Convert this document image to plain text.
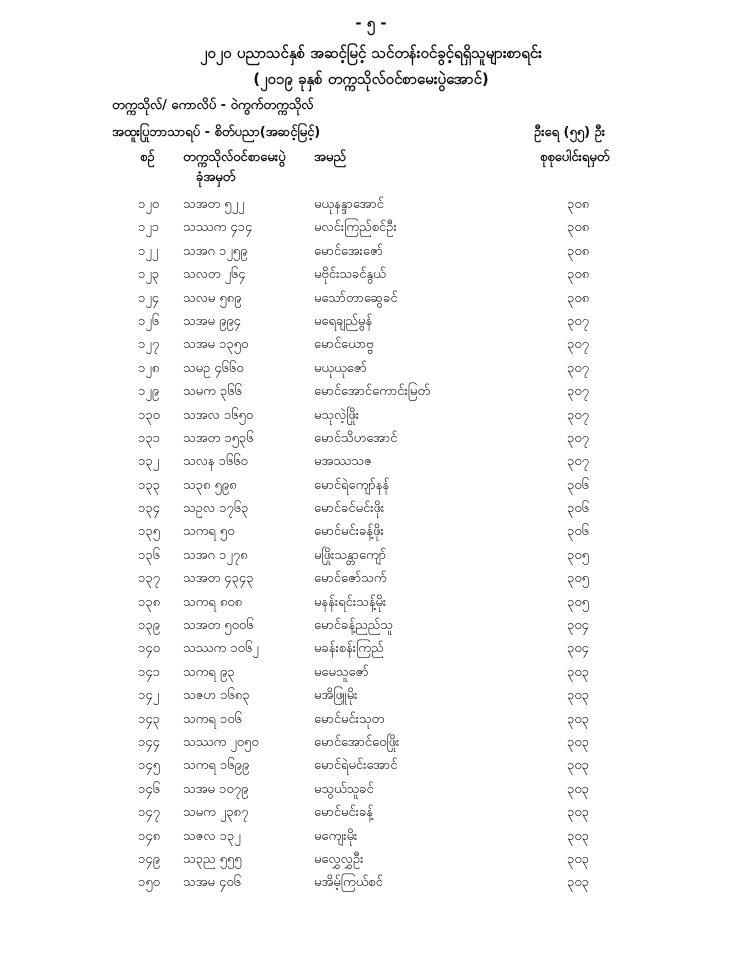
- ၅ -
၂၀၂၀ ပညာသင်နှစ် အဆင့်မြင့် သင်တန်းဝင်ခွင့်ရရှိသူများစာရင်း
(၂၀၁၉ ခုနှစ် တက္ကသိုလ်ဝင်စာမေးပွဲအောင်)
တက္ကသိုလ်/ ကောလိပ် - ဝဲကွက်တက္ကသိုလ်
အထူးပြုဘာသာရပ် - စိတ်ပညာ(အဆင့်မြင့်)	ဦးရေ (၅၅) ဦး
စဉ် တက္ကသိုလ်ဝင်စာမေးပွဲ
ခုံအမှတ်
အမည်	စုစုပေါင်းရမှတ်
၁၂၀ သအတ ၅၂၂	မယုနန္ဒာအောင်	၃၀၈
၁၂၁ သဿက ၄၁၄	မလင်းကြည်စင်ဦး	၃၀၈
၁၂၂ သအဂ ၁၂၅၉	မောင်အေးဇော်	၃၀၈
၁၂၃ သလတ ၂၆၄	မဗိုင်းသခင်နွယ်	၃၀၈
၁၂၄ သလမ ၅၈၉	မသော်တာဆွေခင်	၃၀၈
၁၂၆ သအမ ၉၉၄	မရေချည်မွန်	၃၀၇
၁၂၇ သအမ ၁၃၅၀	မောင်ယောဗ္ဗ	၃၀၇
၁၂၈ သမဥ ၄၆၆၀	မယုယုဇော်	၃၀၇
၁၂၉ သမက ၃၆၆	မောင်အောင်ကောင်းမြတ်	၃၀၇
၁၃၀ သအလ ၁၆၅၀	မသုလဲ့ဖြိုး	၃၀၇
၁၃၁ သအတ ၁၅၃၆	မောင်သိဟအောင်	၃၀၇
၁၃၂ သလန ၁၆၆၀	မအဿသဇ	၃၀၇
၁၃၃ သ၃၈ ၅၉၈	မောင်ရဲကျော်နန်	၃၀၆
၁၃၄ သဥလ ၁၇၆၃	မောင်ခင်မင်းဖိုး	၃၀၆
၁၃၅ သကရ ၅၀	မောင်မင်းခန့်ဖိုး	၃၀၆
၁၃၆ သအဂ ၁၂၇၈	မဖြိုးသန္တာကျော်	၃၀၅
၁၃၇ သအတ ၄၃၄၃	မောင်ဇော်သက်	၃၀၅
၁၃၈ သကရ ၈၀၈	မနန်းရင်းသန့်မိုး	၃၀၅
၁၃၉ သအတ ၅၀၀၆	မောင်ခန့်ညည်သူ	၃၀၄
၁၄၀ သဿက ၁၀၆၂	မခန်းစန်းကြည်	၃၀၄
၁၄၁ သကရ ၉၃	မမေသူဇော်	၃၀၃
၁၄၂ သဇဟ ၁၆၈၃	မအိဖြူမိုး	၃၀၃
၁၄၃ သကရ ၁၀၆	မောင်မင်းသုတ	၃၀၃
၁၄၄ သဿက ၂၀၅၀	မောင်အောင်ဝေဖြိုး	၃၀၃
၁၄၅ သကရ ၁၆၉၉	မောင်ရဲမင်းအောင်	၃၀၃
၁၄၆ သအမ ၁၀၇၉	မသွယ်သူခင်	၃၀၃
၁၄၇ သမက ၂၃၈၇	မောင်မင်းခန့်	၃၀၃
၁၄၈ သဇလ ၁၃၂	မကျေးမိုး	၃၀၃
၁၄၉ သ၃ည ၅၅၅	မလွှေလွှဦး	၃၀၃
၁၅၀ သအမ ၄၀၆	မအိမ့်ကြယ်စင်	၃၀၃
